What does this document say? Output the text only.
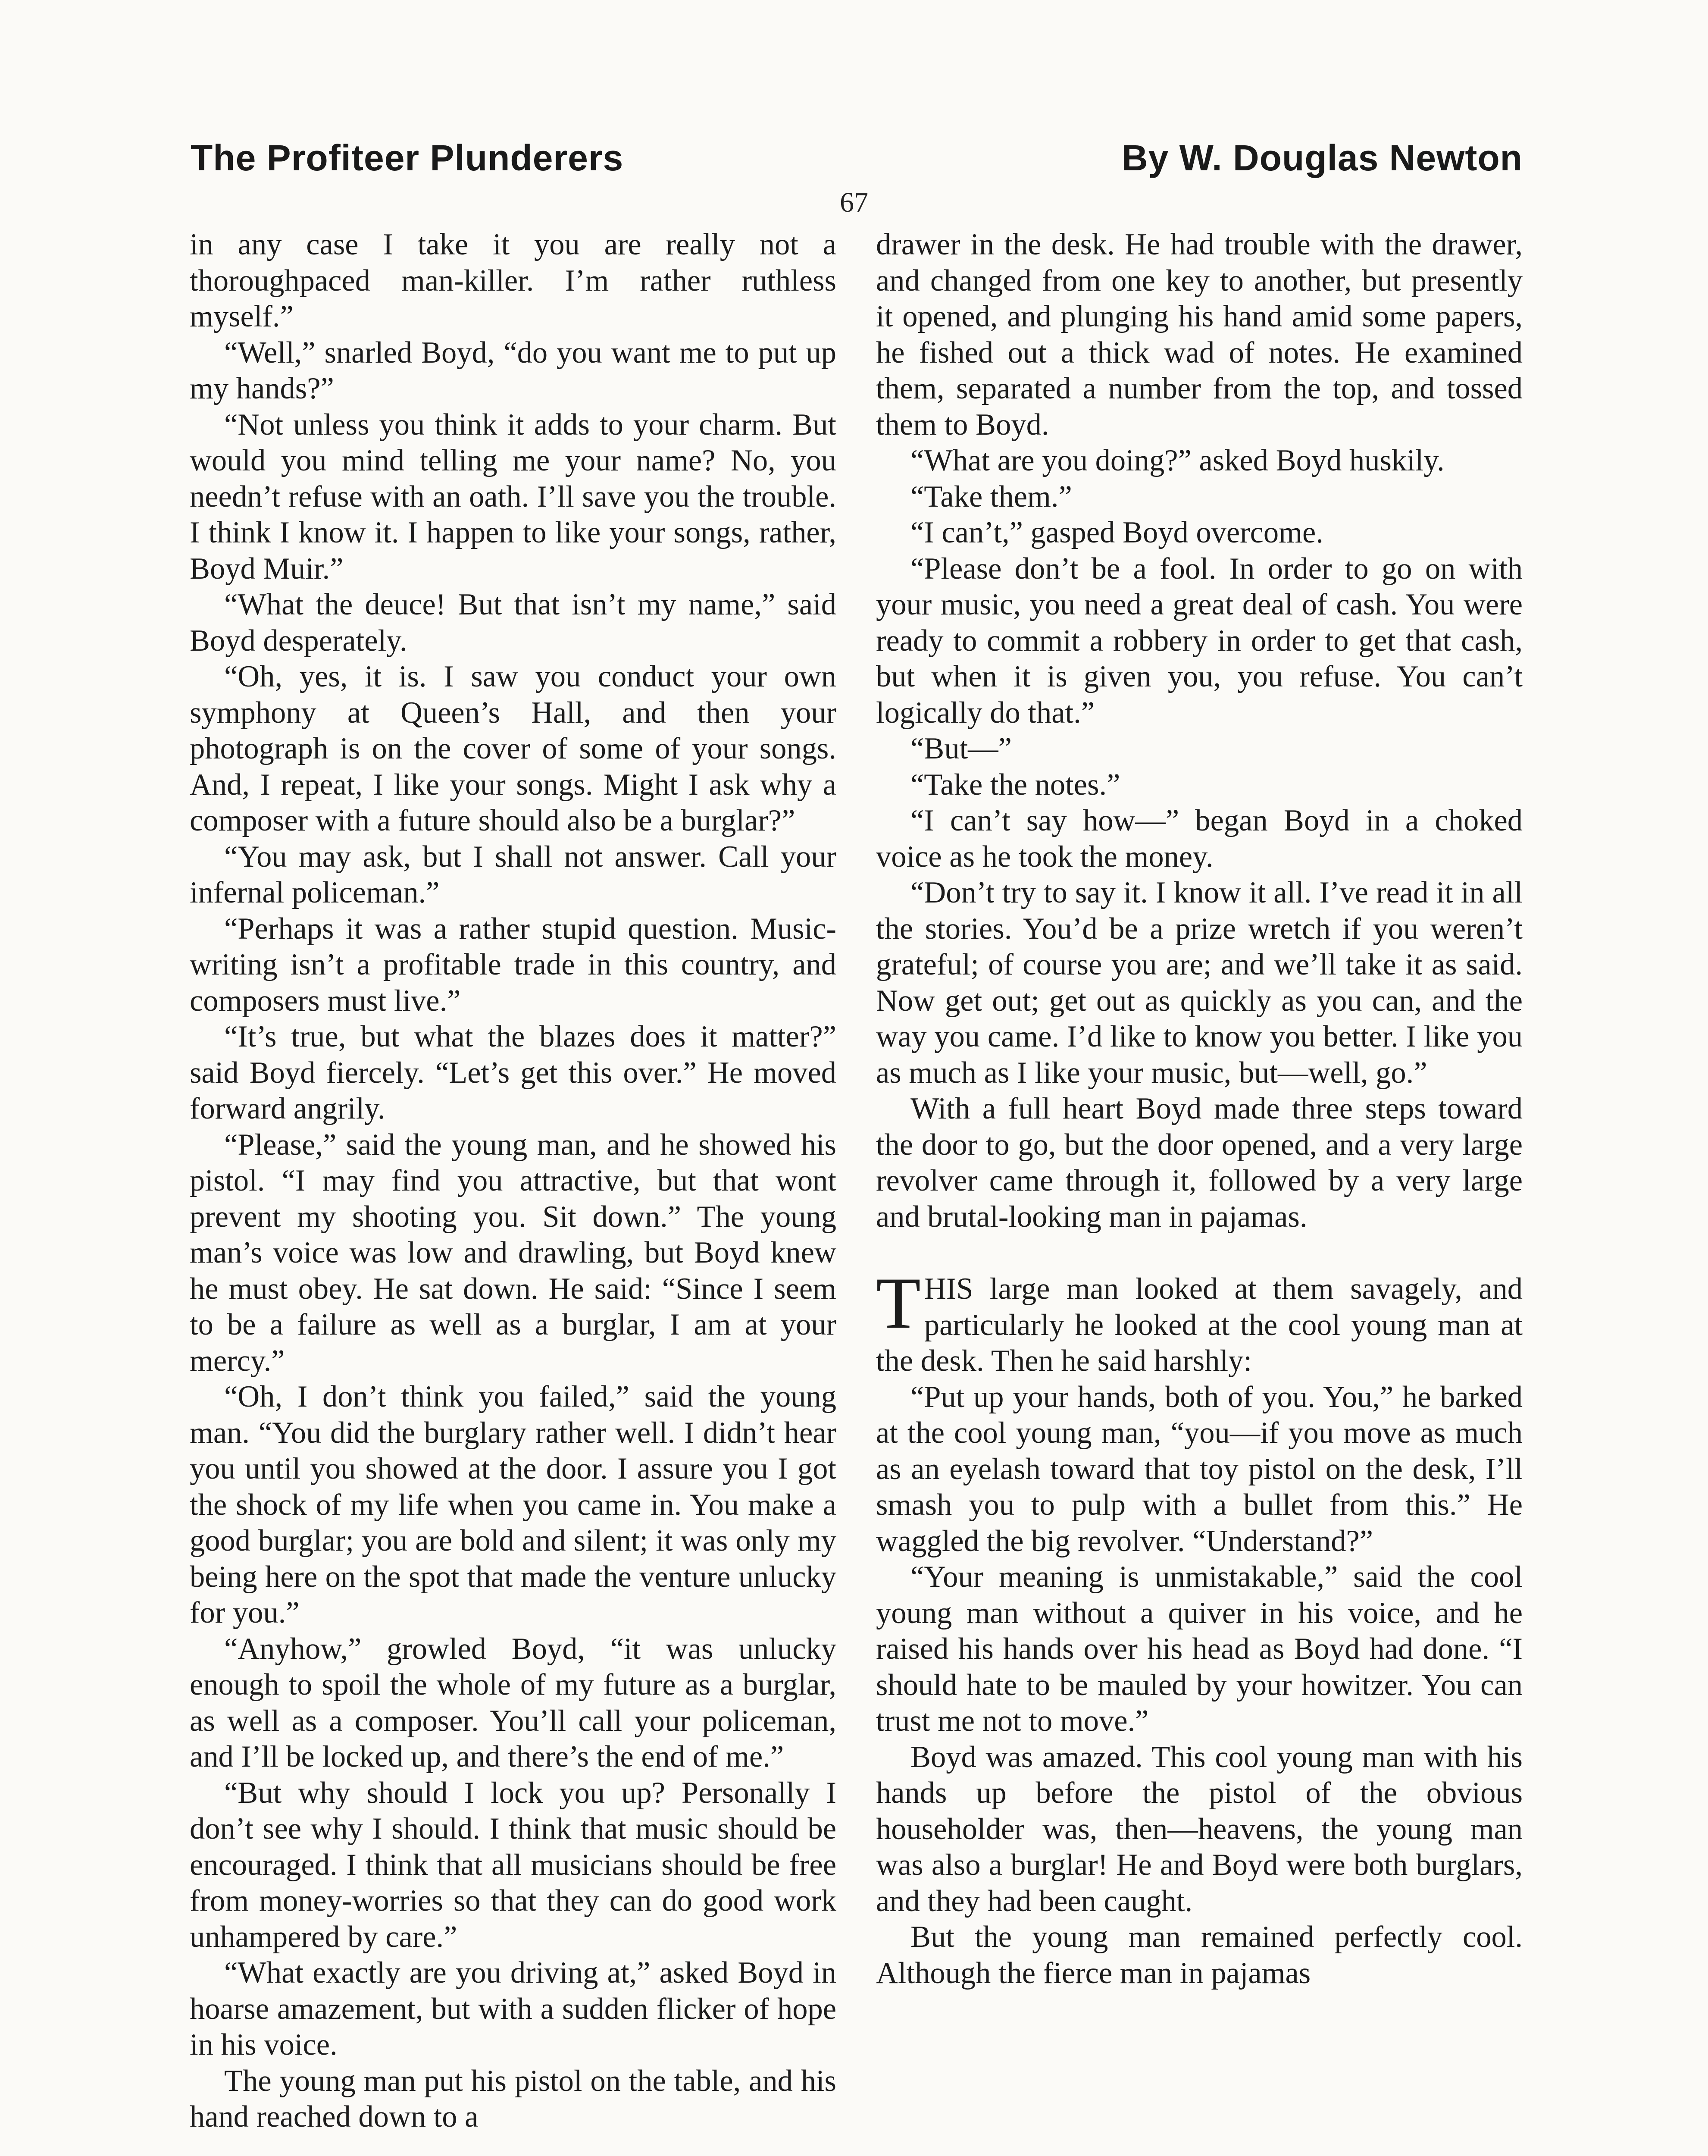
The Profiteer Plunderers	By W. Douglas Newton
67

in any case I take it you are really not a thoroughpaced man-killer. I’m rather ruthless myself.”

“Well,” snarled Boyd, “do you want me to put up my hands?”

“Not unless you think it adds to your charm. But would you mind telling me your name? No, you needn’t refuse with an oath. I’ll save you the trouble. I think I know it. I happen to like your songs, rather, Boyd Muir.”

“What the deuce! But that isn’t my name,” said Boyd desperately.

“Oh, yes, it is. I saw you conduct your own symphony at Queen’s Hall, and then your photograph is on the cover of some of your songs. And, I repeat, I like your songs. Might I ask why a composer with a future should also be a burglar?”

“You may ask, but I shall not answer. Call your infernal policeman.”

“Perhaps it was a rather stupid question. Music-writing isn’t a profitable trade in this country, and composers must live.”

“It’s true, but what the blazes does it matter?” said Boyd fiercely. “Let’s get this over.” He moved forward angrily.

“Please,” said the young man, and he showed his pistol. “I may find you attractive, but that wont prevent my shooting you. Sit down.” The young man’s voice was low and drawling, but Boyd knew he must obey. He sat down. He said: “Since I seem to be a failure as well as a burglar, I am at your mercy.”

“Oh, I don’t think you failed,” said the young man. “You did the burglary rather well. I didn’t hear you until you showed at the door. I assure you I got the shock of my life when you came in. You make a good burglar; you are bold and silent; it was only my being here on the spot that made the venture unlucky for you.”

“Anyhow,” growled Boyd, “it was unlucky enough to spoil the whole of my future as a burglar, as well as a composer. You’ll call your policeman, and I’ll be locked up, and there’s the end of me.”

“But why should I lock you up? Personally I don’t see why I should. I think that music should be encouraged. I think that all musicians should be free from money-worries so that they can do good work unhampered by care.”

“What exactly are you driving at,” asked Boyd in hoarse amazement, but with a sudden flicker of hope in his voice.

The young man put his pistol on the table, and his hand reached down to a

drawer in the desk. He had trouble with the drawer, and changed from one key to another, but presently it opened, and plunging his hand amid some papers, he fished out a thick wad of notes. He examined them, separated a number from the top, and tossed them to Boyd.

“What are you doing?” asked Boyd huskily.

“Take them.”

“I can’t,” gasped Boyd overcome.

“Please don’t be a fool. In order to go on with your music, you need a great deal of cash. You were ready to commit a robbery in order to get that cash, but when it is given you, you refuse. You can’t logically do that.”

“But—”

“Take the notes.”

“I can’t say how—” began Boyd in a choked voice as he took the money.

“Don’t try to say it. I know it all. I’ve read it in all the stories. You’d be a prize wretch if you weren’t grateful; of course you are; and we’ll take it as said. Now get out; get out as quickly as you can, and the way you came. I’d like to know you better. I like you as much as I like your music, but—well, go.”

With a full heart Boyd made three steps toward the door to go, but the door opened, and a very large revolver came through it, followed by a very large and brutal-looking man in pajamas.

THIS large man looked at them savagely, and particularly he looked at the cool young man at the desk. Then he said harshly:

“Put up your hands, both of you. You,” he barked at the cool young man, “you—if you move as much as an eyelash toward that toy pistol on the desk, I’ll smash you to pulp with a bullet from this.” He waggled the big revolver. “Understand?”

“Your meaning is unmistakable,” said the cool young man without a quiver in his voice, and he raised his hands over his head as Boyd had done. “I should hate to be mauled by your howitzer. You can trust me not to move.”

Boyd was amazed. This cool young man with his hands up before the pistol of the obvious householder was, then—heavens, the young man was also a burglar! He and Boyd were both burglars, and they had been caught.

But the young man remained perfectly cool. Although the fierce man in pajamas
